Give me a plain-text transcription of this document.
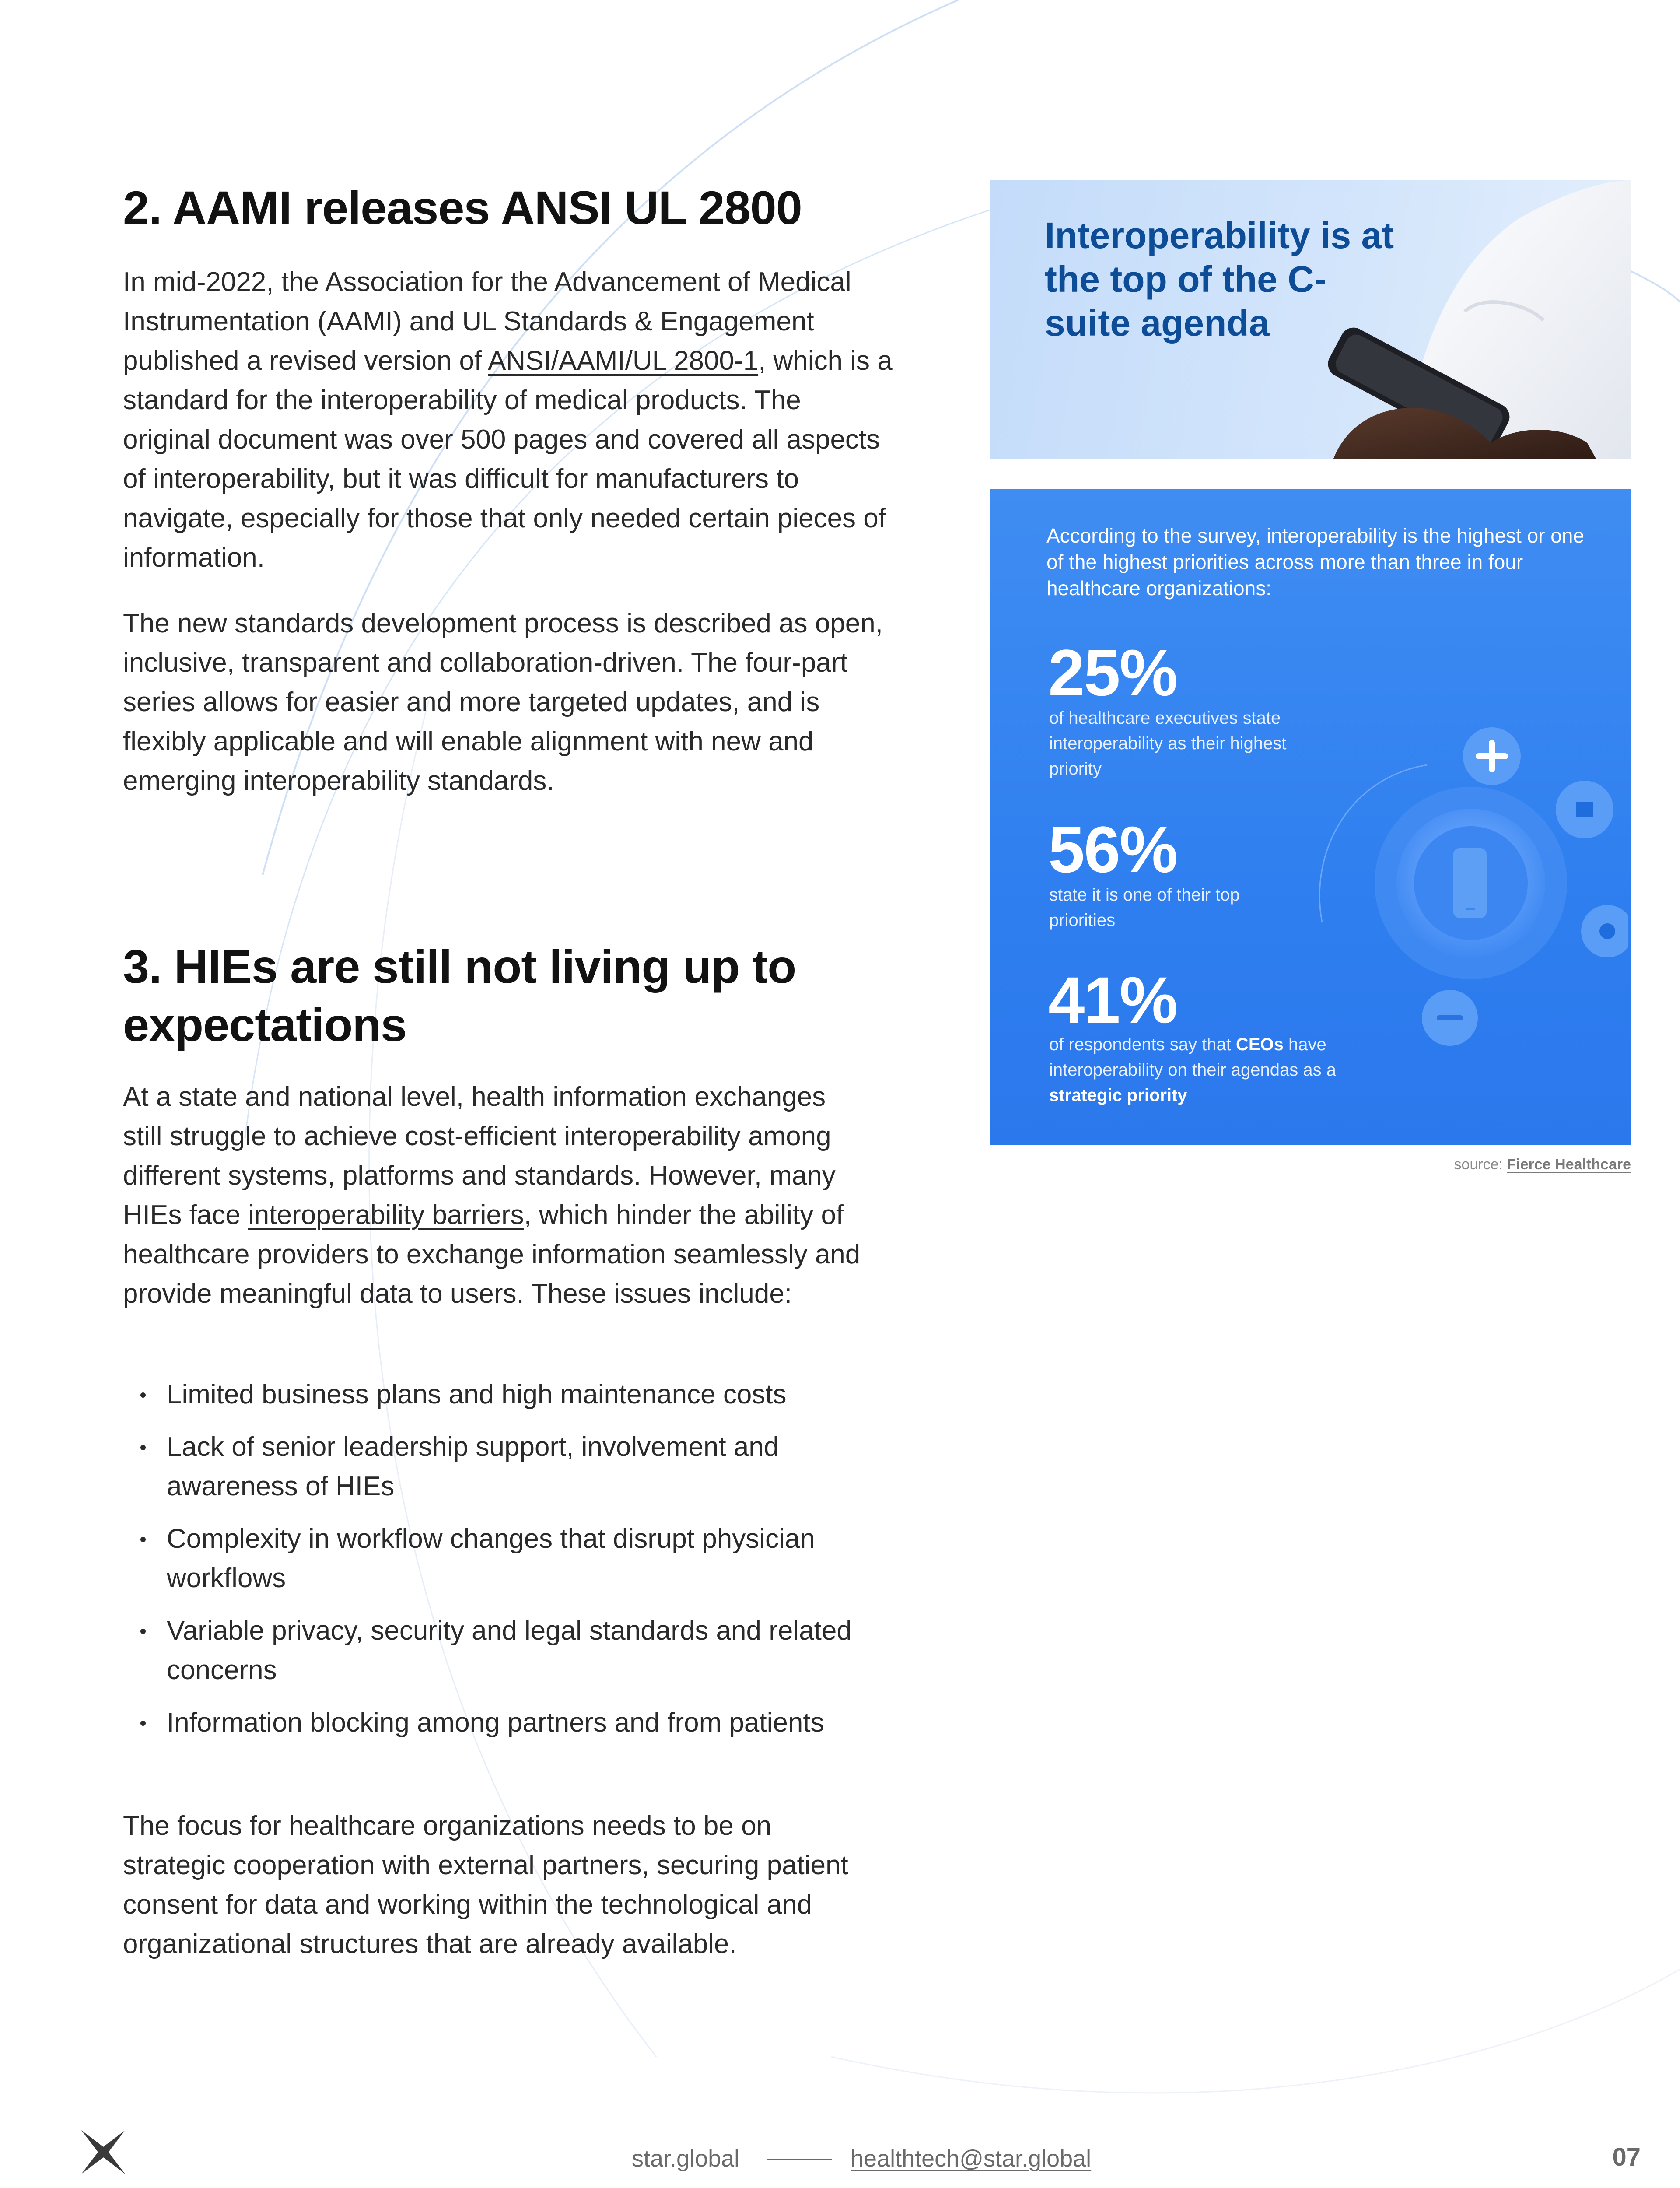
2. AAMI releases ANSI UL 2800

In mid-2022, the Association for the Advancement of Medical Instrumentation (AAMI) and UL Standards & Engagement published a revised version of ANSI/AAMI/UL 2800-1, which is a standard for the interoperability of medical products. The original document was over 500 pages and covered all aspects of interoperability, but it was difficult for manufacturers to navigate, especially for those that only needed certain pieces of information.

The new standards development process is described as open, inclusive, transparent and collaboration-driven. The four-part series allows for easier and more targeted updates, and is flexibly applicable and will enable alignment with new and emerging interoperability standards.

3. HIEs are still not living up to expectations

At a state and national level, health information exchanges still struggle to achieve cost-efficient interoperability among different systems, platforms and standards. However, many HIEs face interoperability barriers, which hinder the ability of healthcare providers to exchange information seamlessly and provide meaningful data to users. These issues include:

Limited business plans and high maintenance costs
Lack of senior leadership support, involvement and awareness of HIEs
Complexity in workflow changes that disrupt physician workflows
Variable privacy, security and legal standards and related concerns
Information blocking among partners and from patients

The focus for healthcare organizations needs to be on strategic cooperation with external partners, securing patient consent for data and working within the technological and organizational structures that are already available.

Interoperability is at the top of the C-suite agenda

According to the survey, interoperability is the highest or one of the highest priorities across more than three in four healthcare organizations:

25%

of healthcare executives state interoperability as their highest priority

56%

state it is one of their top priorities

41%

of respondents say that CEOs have interoperability on their agendas as a strategic priority

source: Fierce Healthcare
star.global	healthtech@star.global	07
